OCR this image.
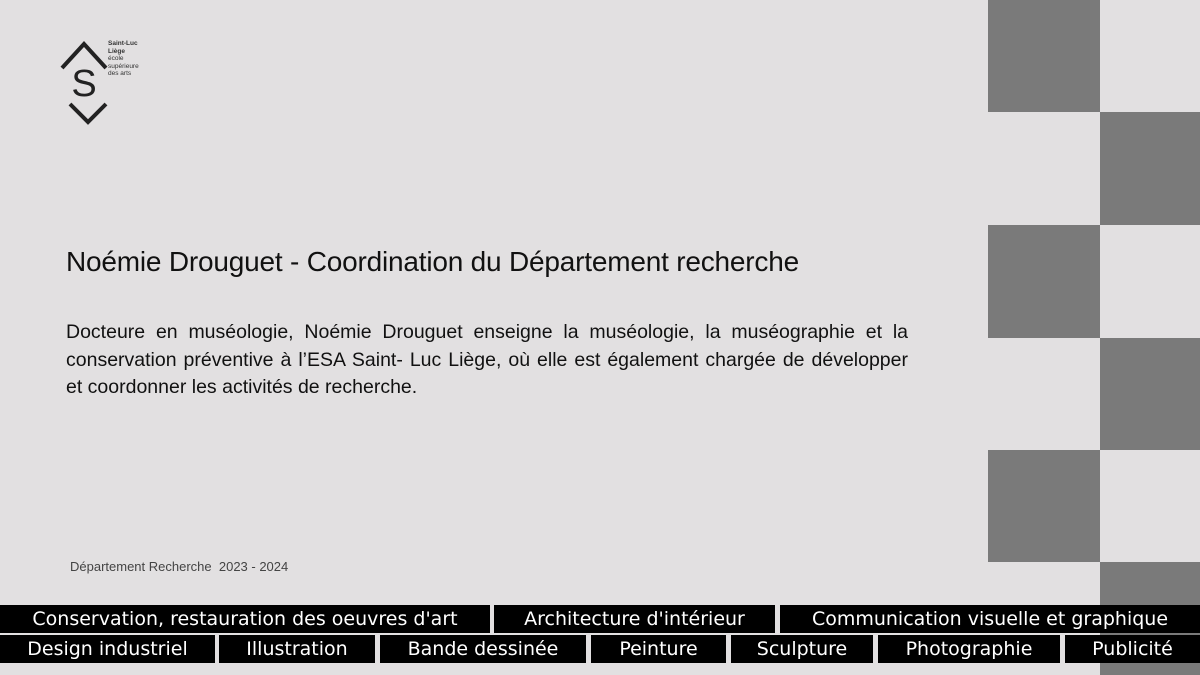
S
Saint-Luc
Liège
école
supérieure
des arts
Noémie Drouguet - Coordination du Département recherche

Docteure en muséologie, Noémie Drouguet enseigne la muséologie, la muséographie et la conservation préventive à l’ESA Saint- Luc Liège, où elle est également chargée de développer et coordonner les activités de recherche.

Département Recherche  2023 - 2024
Conservation, restauration des oeuvres d'art	Architecture d'intérieur	Communication visuelle et graphique
Design industriel	Illustration	Bande dessinée	Peinture	Sculpture	Photographie	Publicité
